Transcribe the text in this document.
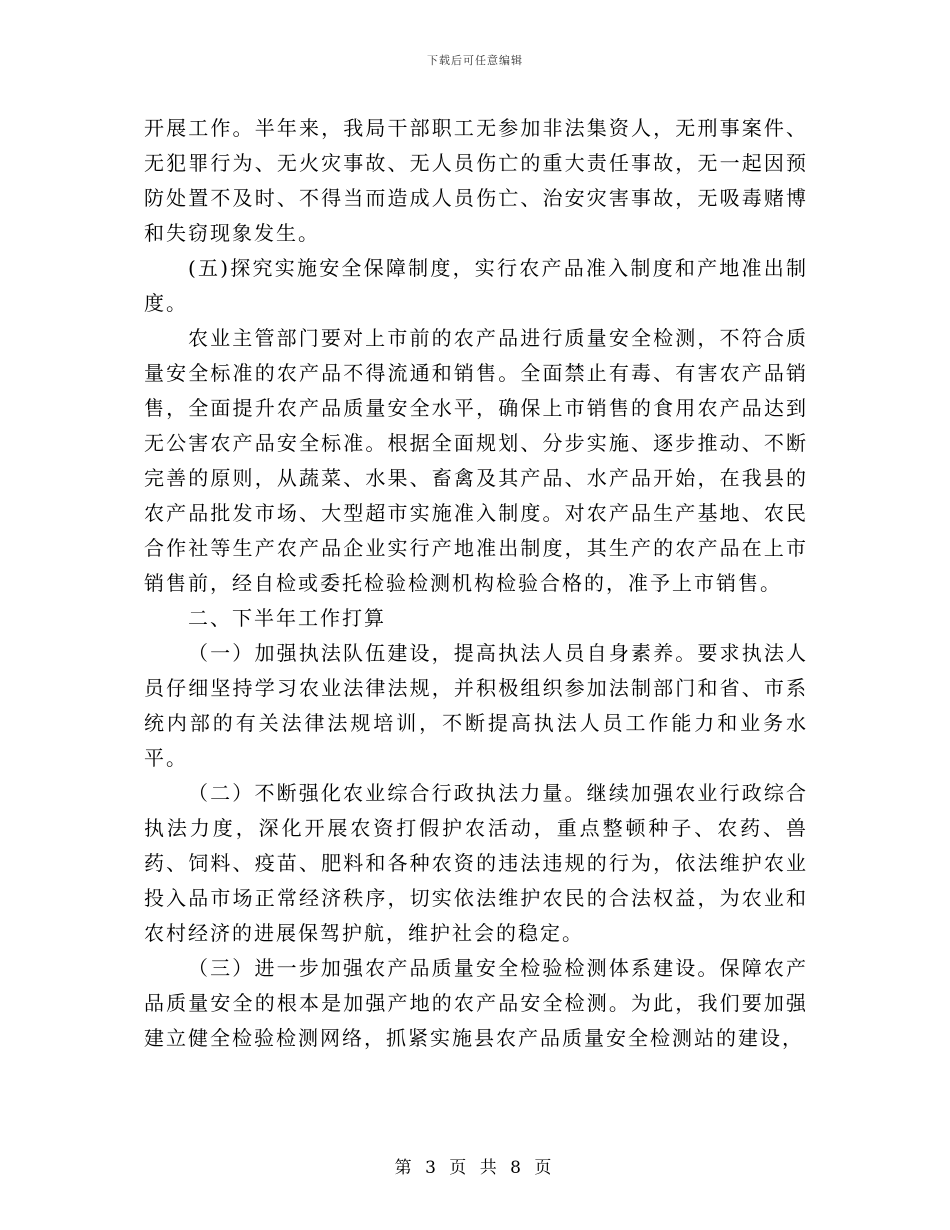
下载后可任意编辑

开展工作。半年来，我局干部职工无参加非法集资人，无刑事案件、无犯罪行为、无火灾事故、无人员伤亡的重大责任事故，无一起因预防处置不及时、不得当而造成人员伤亡、治安灾害事故，无吸毒赌博和失窃现象发生。

(五)探究实施安全保障制度，实行农产品准入制度和产地准出制度。

农业主管部门要对上市前的农产品进行质量安全检测，不符合质量安全标准的农产品不得流通和销售。全面禁止有毒、有害农产品销售，全面提升农产品质量安全水平，确保上市销售的食用农产品达到无公害农产品安全标准。根据全面规划、分步实施、逐步推动、不断完善的原则，从蔬菜、水果、畜禽及其产品、水产品开始，在我县的农产品批发市场、大型超市实施准入制度。对农产品生产基地、农民合作社等生产农产品企业实行产地准出制度，其生产的农产品在上市销售前，经自检或委托检验检测机构检验合格的，准予上市销售。

二、下半年工作打算

（一）加强执法队伍建设，提高执法人员自身素养。要求执法人员仔细坚持学习农业法律法规，并积极组织参加法制部门和省、市系统内部的有关法律法规培训，不断提高执法人员工作能力和业务水平。

（二）不断强化农业综合行政执法力量。继续加强农业行政综合执法力度，深化开展农资打假护农活动，重点整顿种子、农药、兽药、饲料、疫苗、肥料和各种农资的违法违规的行为，依法维护农业投入品市场正常经济秩序，切实依法维护农民的合法权益，为农业和农村经济的进展保驾护航，维护社会的稳定。

（三）进一步加强农产品质量安全检验检测体系建设。保障农产品质量安全的根本是加强产地的农产品安全检测。为此，我们要加强建立健全检验检测网络，抓紧实施县农产品质量安全检测站的建设，

第 3 页 共 8 页
